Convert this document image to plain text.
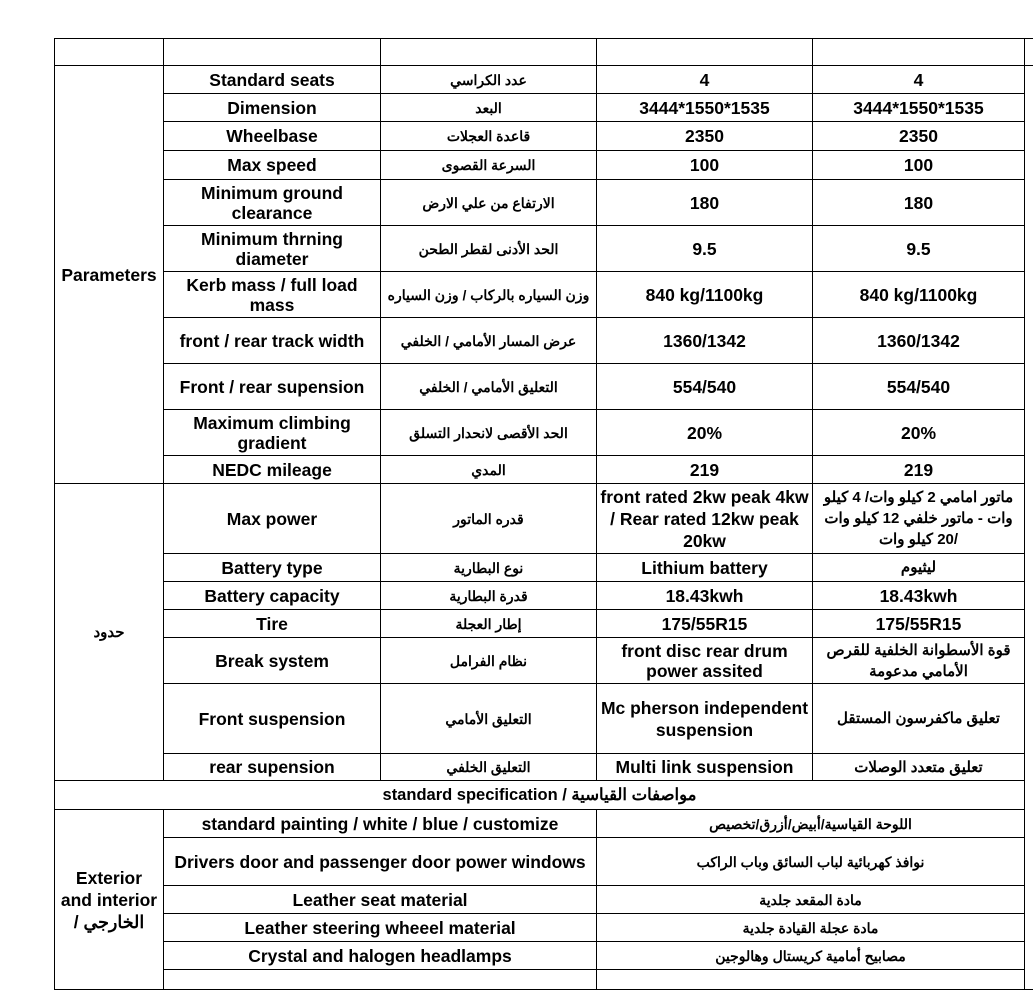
Parameters	Standard seats	عدد الكراسي	4	4	
	Dimension	البعد	3444*1550*1535	3444*1550*1535	
	Wheelbase	قاعدة العجلات	2350	2350	
	Max speed	السرعة القصوى	100	100	
	Minimum ground clearance	الارتفاع من علي الارض	180	180	
	Minimum thrning diameter	الحد الأدنى لقطر الطحن	9.5	9.5	
	Kerb mass / full load mass	وزن السياره بالركاب / وزن السياره	840 kg/1100kg	840 kg/1100kg	
	front / rear track width	عرض المسار الأمامي / الخلفي	1360/1342	1360/1342	
	Front / rear supension	التعليق الأمامي / الخلفي	554/540	554/540	
	Maximum climbing gradient	الحد الأقصى لانحدار التسلق	20%	20%	
	NEDC mileage	المدي	219	219	
حدود	Max power	قدره الماتور	front rated 2kw peak 4kw / Rear rated 12kw peak 20kw	ماتور امامي 2 كيلو وات/ 4 كيلو وات - ماتور خلفي 12 كيلو وات /20 كيلو وات	
	Battery type	نوع البطارية	Lithium battery	ليثيوم	
	Battery capacity	قدرة البطارية	18.43kwh	18.43kwh	
	Tire	إطار العجلة	175/55R15	175/55R15	
	Break system	نظام الفرامل	front disc rear drum power assited	قوة الأسطوانة الخلفية للقرص الأمامي مدعومة	
	Front suspension	التعليق الأمامي	Mc pherson independent suspension	تعليق ماكفرسون المستقل	
	rear supension	التعليق الخلفي	Multi link suspension	تعليق متعدد الوصلات	
standard specification / مواصفات القياسية					
Exterior and interior / الخارجي	standard painting / white / blue / customize		اللوحة القياسية/أبيض/أزرق/تخصيص		
	Drivers door and passenger door power windows		نوافذ كهربائية لباب السائق وباب الراكب		
	Leather seat material		مادة المقعد جلدية		
	Leather steering wheeel material		مادة عجلة القيادة جلدية		
	Crystal and halogen headlamps		مصابيح أمامية كريستال وهالوجين		
